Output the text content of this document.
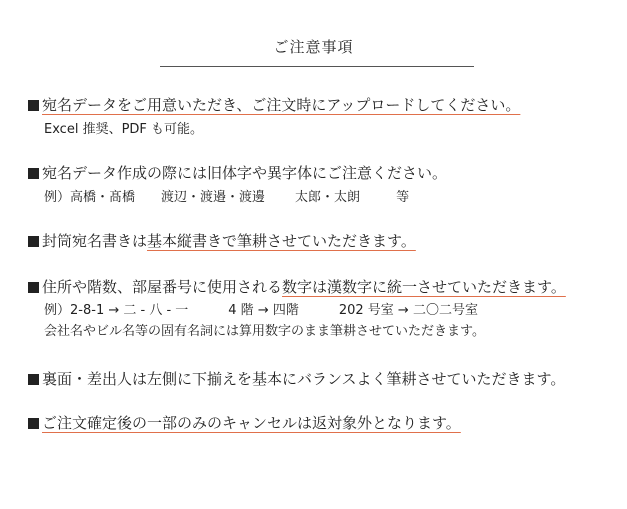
ご注意事項
宛名データをご用意いただき、ご注文時にアップロードしてください。
Excel 推奨、PDF も可能。
宛名データ作成の際には旧体字や異字体にご注意ください。
例）高橋・髙橋 渡辺・渡邉・渡邊 太郎・太朗	等
封筒宛名書きは基本縦書きで筆耕させていただきます。
住所や階数、部屋番号に使用される数字は漢数字に統一させていただきます。
例）2-8-1 → 二 - 八 - 一	4 階 → 四階	202 号室 → 二〇二号室
会社名やビル名等の固有名詞には算用数字のまま筆耕させていただきます。
裏面・差出人は左側に下揃えを基本にバランスよく筆耕させていただきます。
ご注文確定後の一部のみのキャンセルは返対象外となります。
